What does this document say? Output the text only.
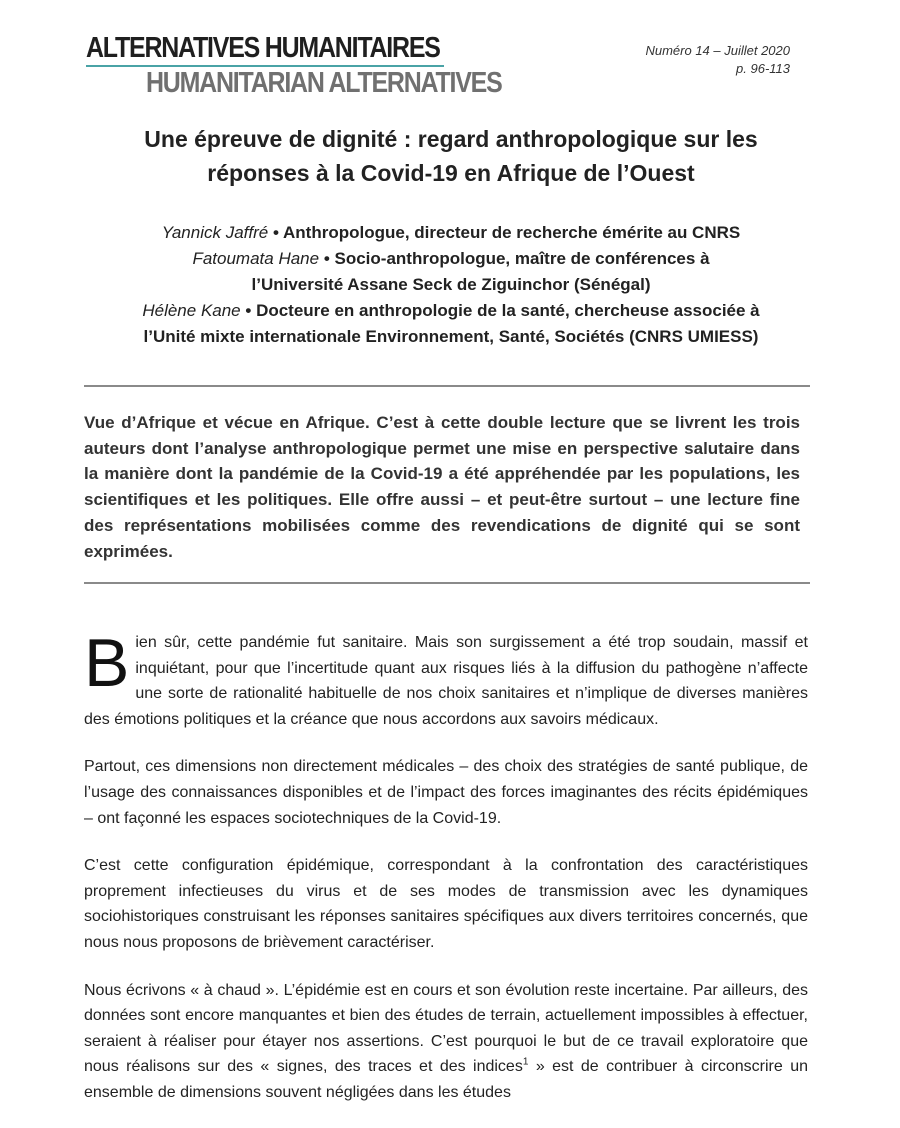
ALTERNATIVES HUMANITAIRES
HUMANITARIAN ALTERNATIVES
Numéro 14 – Juillet 2020
p. 96-113
Une épreuve de dignité : regard anthropologique sur les
réponses à la Covid-19 en Afrique de l’Ouest
Yannick Jaffré • Anthropologue, directeur de recherche émérite au CNRS
Fatoumata Hane • Socio-anthropologue, maître de conférences à
l’Université Assane Seck de Ziguinchor (Sénégal)
Hélène Kane • Docteure en anthropologie de la santé, chercheuse associée à
l’Unité mixte internationale Environnement, Santé, Sociétés (CNRS UMIESS)
Vue d’Afrique et vécue en Afrique. C’est à cette double lecture que se livrent les trois auteurs dont l’analyse anthropologique permet une mise en perspective salutaire dans la manière dont la pandémie de la Covid-19 a été appréhendée par les populations, les scientifiques et les politiques. Elle offre aussi – et peut-être surtout – une lecture fine des représentations mobilisées comme des revendications de dignité qui se sont exprimées.

Bien sûr, cette pandémie fut sanitaire. Mais son surgissement a été trop soudain, massif et inquiétant, pour que l’incertitude quant aux risques liés à la diffusion du pathogène n’affecte une sorte de rationalité habituelle de nos choix sanitaires et n’implique de diverses manières des émotions politiques et la créance que nous accordons aux savoirs médicaux.

Partout, ces dimensions non directement médicales – des choix des stratégies de santé publique, de l’usage des connaissances disponibles et de l’impact des forces imaginantes des récits épidémiques – ont façonné les espaces sociotechniques de la Covid-19.

C’est cette configuration épidémique, correspondant à la confrontation des caractéristiques proprement infectieuses du virus et de ses modes de transmission avec les dynamiques sociohistoriques construisant les réponses sanitaires spécifiques aux divers territoires concernés, que nous nous proposons de brièvement caractériser.

Nous écrivons « à chaud ». L’épidémie est en cours et son évolution reste incertaine. Par ailleurs, des données sont encore manquantes et bien des études de terrain, actuellement impossibles à effectuer, seraient à réaliser pour étayer nos assertions. C’est pourquoi le but de ce travail exploratoire que nous réalisons sur des « signes, des traces et des indices$^1$ » est de contribuer à circonscrire un ensemble de dimensions souvent négligées dans les études
